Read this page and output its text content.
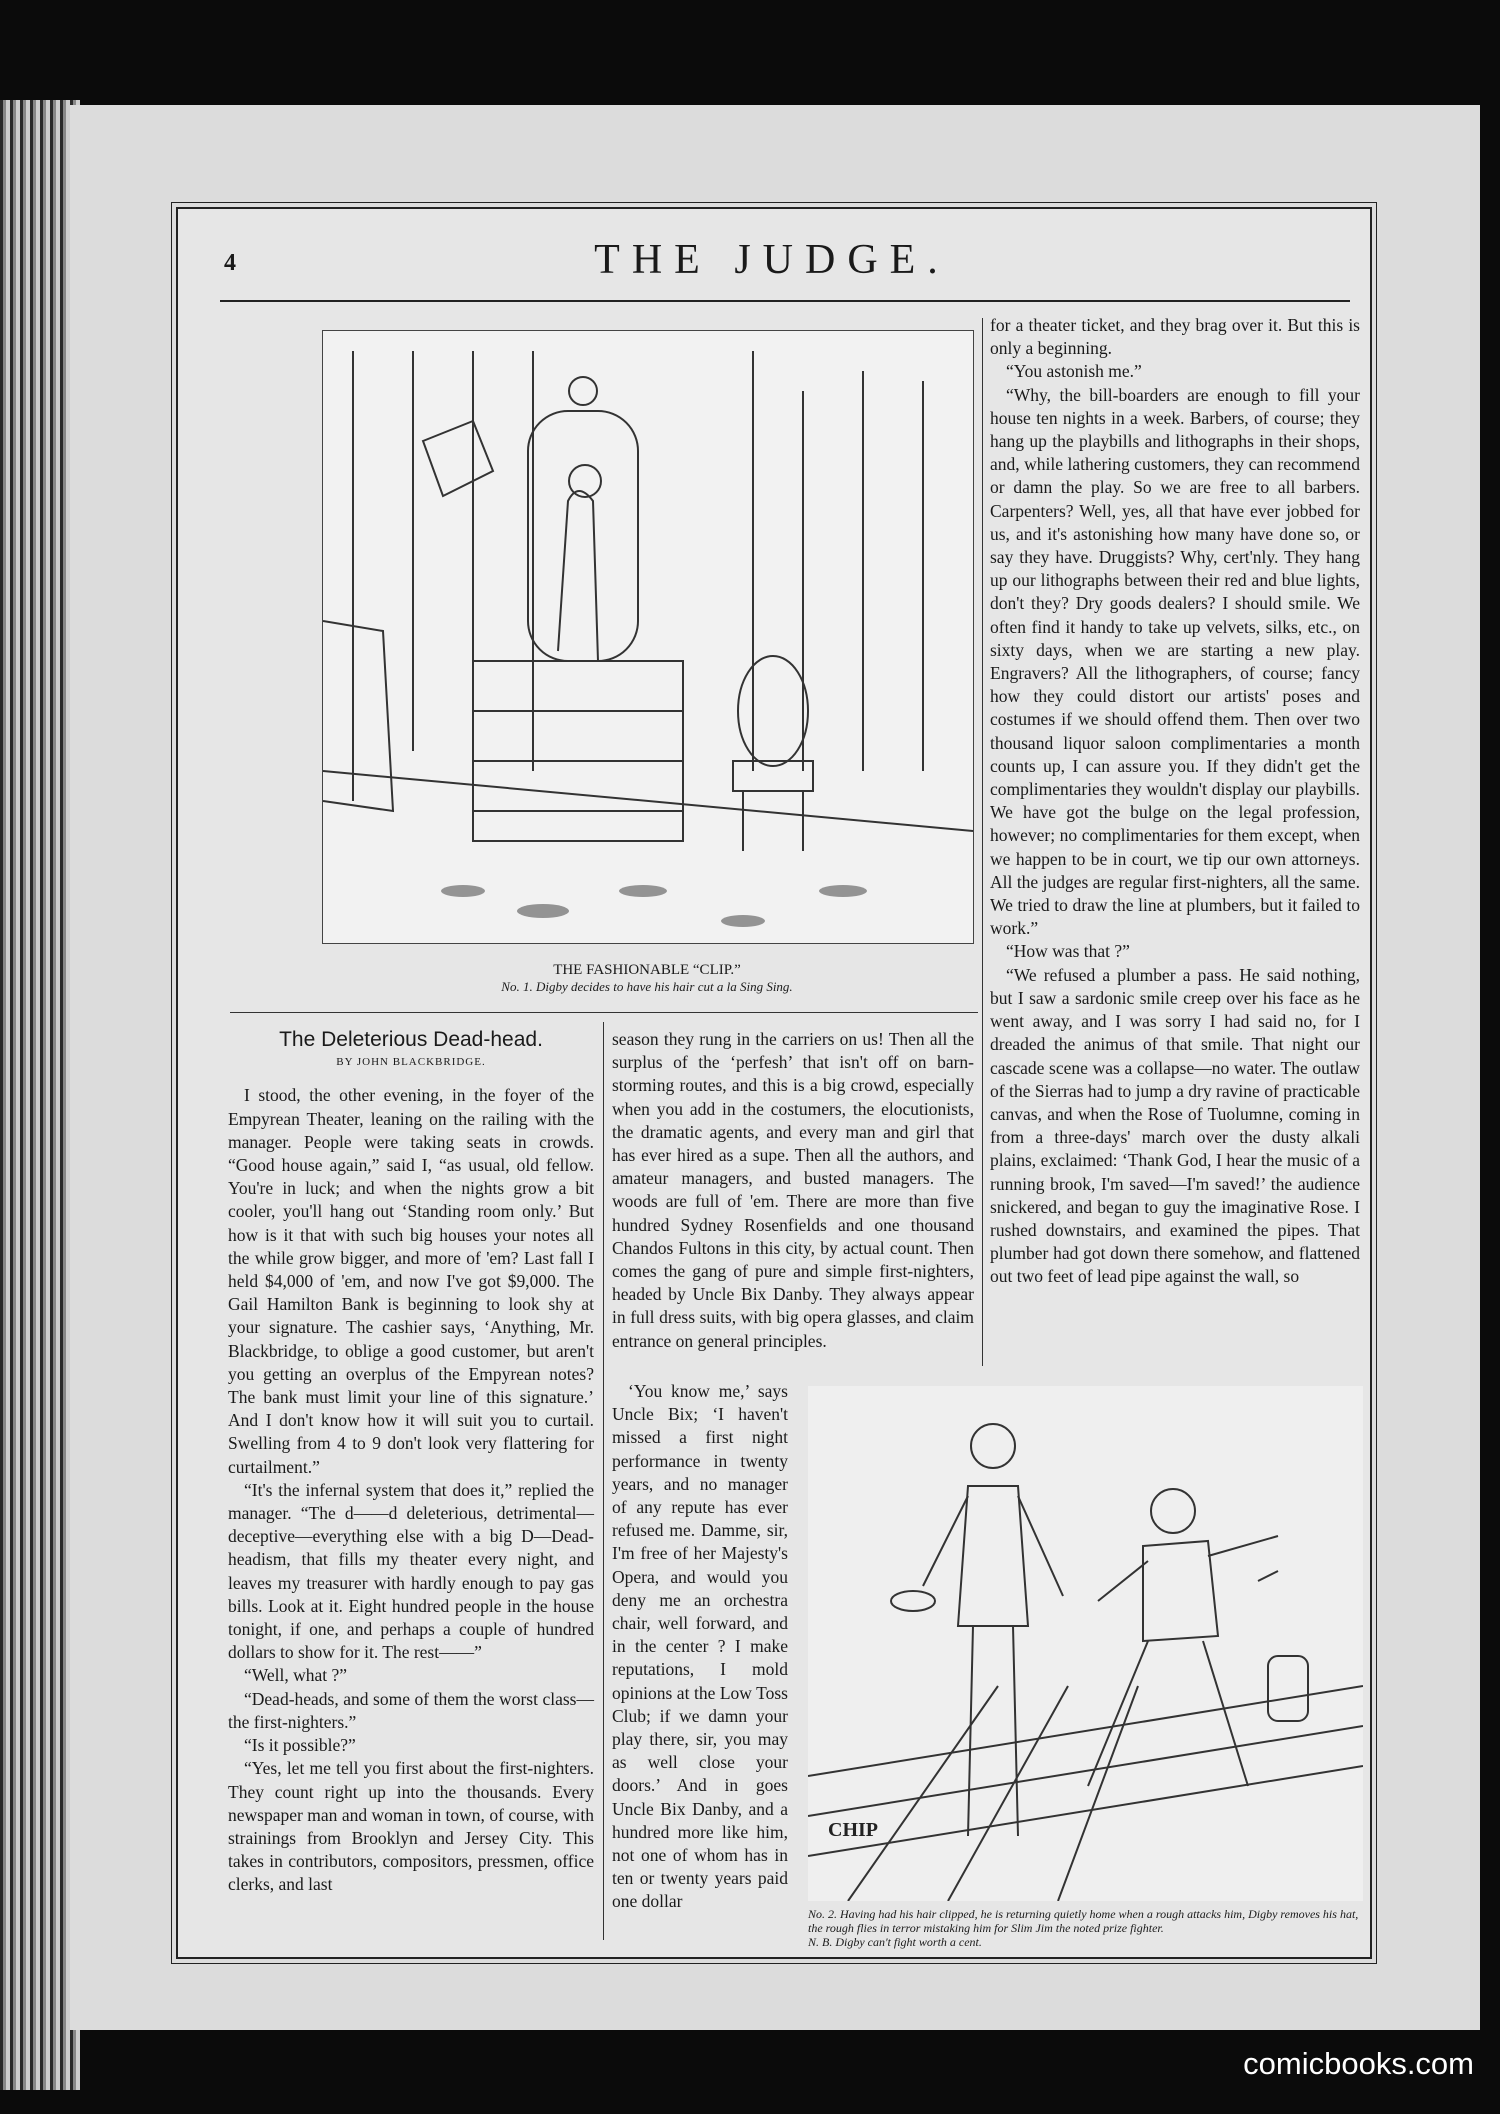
4	THE JUDGE.
THE FASHIONABLE “CLIP.”
No. 1. Digby decides to have his hair cut a la Sing Sing.

The Deleterious Dead-head.

BY JOHN BLACKBRIDGE.

I stood, the other evening, in the foyer of the Empyrean Theater, leaning on the railing with the manager. People were taking seats in crowds. “Good house again,” said I, “as usual, old fellow. You're in luck; and when the nights grow a bit cooler, you'll hang out ‘Standing room only.’ But how is it that with such big houses your notes all the while grow bigger, and more of 'em? Last fall I held $4,000 of 'em, and now I've got $9,000. The Gail Hamilton Bank is beginning to look shy at your signature. The cashier says, ‘Anything, Mr. Blackbridge, to oblige a good customer, but aren't you getting an overplus of the Empyrean notes? The bank must limit your line of this signature.’ And I don't know how it will suit you to curtail. Swelling from 4 to 9 don't look very flattering for curtailment.”

“It's the infernal system that does it,” replied the manager. “The d——d deleterious, detrimental—deceptive—everything else with a big D—Dead-headism, that fills my theater every night, and leaves my treasurer with hardly enough to pay gas bills. Look at it. Eight hundred people in the house tonight, if one, and perhaps a couple of hundred dollars to show for it. The rest——”

“Well, what ?”

“Dead-heads, and some of them the worst class—the first-nighters.”

“Is it possible?”

“Yes, let me tell you first about the first-nighters. They count right up into the thousands. Every newspaper man and woman in town, of course, with strainings from Brooklyn and Jersey City. This takes in contributors, compositors, pressmen, office clerks, and last

season they rung in the carriers on us! Then all the surplus of the ‘perfesh’ that isn't off on barn-storming routes, and this is a big crowd, especially when you add in the costumers, the elocutionists, the dramatic agents, and every man and girl that has ever hired as a supe. Then all the authors, and amateur managers, and busted managers. The woods are full of 'em. There are more than five hundred Sydney Rosenfields and one thousand Chandos Fultons in this city, by actual count. Then comes the gang of pure and simple first-nighters, headed by Uncle Bix Danby. They always appear in full dress suits, with big opera glasses, and claim entrance on general principles.

‘You know me,’ says Uncle Bix; ‘I haven't missed a first night performance in twenty years, and no manager of any repute has ever refused me. Damme, sir, I'm free of her Majesty's Opera, and would you deny me an orchestra chair, well forward, and in the center ? I make reputations, I mold opinions at the Low Toss Club; if we damn your play there, sir, you may as well close your doors.’ And in goes Uncle Bix Danby, and a hundred more like him, not one of whom has in ten or twenty years paid one dollar

for a theater ticket, and they brag over it. But this is only a beginning.

“You astonish me.”

“Why, the bill-boarders are enough to fill your house ten nights in a week. Barbers, of course; they hang up the playbills and lithographs in their shops, and, while lathering customers, they can recommend or damn the play. So we are free to all barbers. Carpenters? Well, yes, all that have ever jobbed for us, and it's astonishing how many have done so, or say they have. Druggists? Why, cert'nly. They hang up our lithographs between their red and blue lights, don't they? Dry goods dealers? I should smile. We often find it handy to take up velvets, silks, etc., on sixty days, when we are starting a new play. Engravers? All the lithographers, of course; fancy how they could distort our artists' poses and costumes if we should offend them. Then over two thousand liquor saloon complimentaries a month counts up, I can assure you. If they didn't get the complimentaries they wouldn't display our playbills. We have got the bulge on the legal profession, however; no complimentaries for them except, when we happen to be in court, we tip our own attorneys. All the judges are regular first-nighters, all the same. We tried to draw the line at plumbers, but it failed to work.”

“How was that ?”

“We refused a plumber a pass. He said nothing, but I saw a sardonic smile creep over his face as he went away, and I was sorry I had said no, for I dreaded the animus of that smile. That night our cascade scene was a collapse—no water. The outlaw of the Sierras had to jump a dry ravine of practicable canvas, and when the Rose of Tuolumne, coming in from a three-days' march over the dusty alkali plains, exclaimed: ‘Thank God, I hear the music of a running brook, I'm saved—I'm saved!’ the audience snickered, and began to guy the imaginative Rose. I rushed downstairs, and examined the pipes. That plumber had got down there somehow, and flattened out two feet of lead pipe against the wall, so

CHIP
No. 2. Having had his hair clipped, he is returning quietly home when a rough attacks him, Digby removes his hat, the rough flies in terror mistaking him for Slim Jim the noted prize fighter.
N. B. Digby can't fight worth a cent.
comicbooks.com
